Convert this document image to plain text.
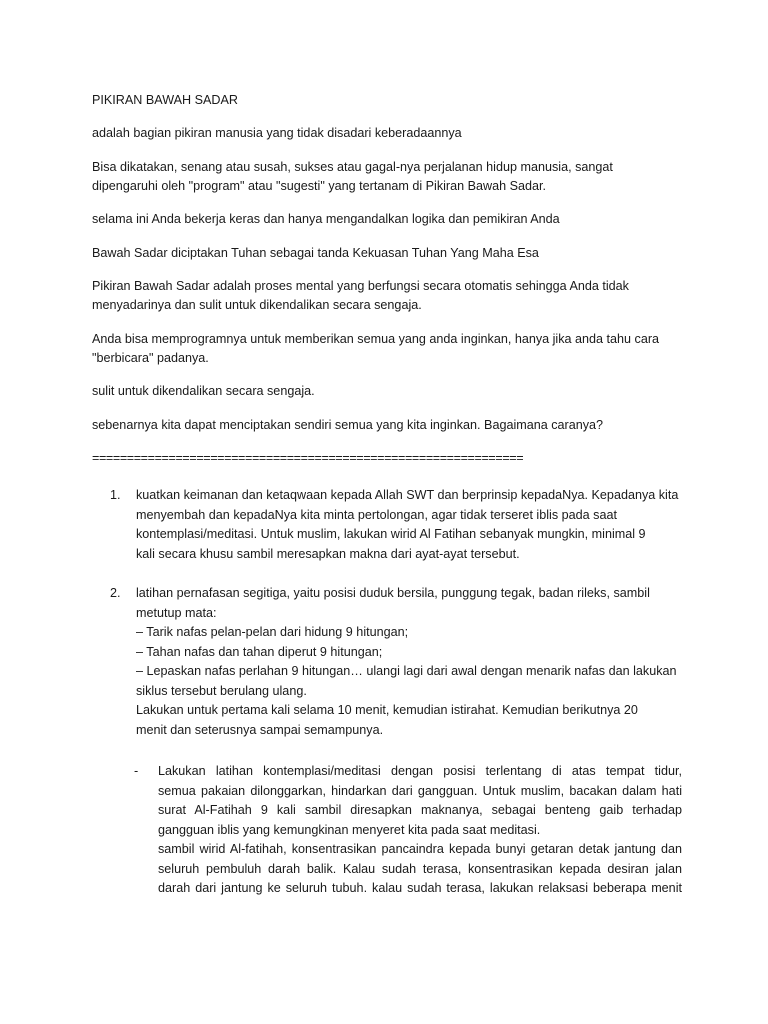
PIKIRAN BAWAH SADAR
adalah bagian pikiran manusia yang tidak disadari keberadaannya
Bisa dikatakan, senang atau susah, sukses atau gagal-nya perjalanan hidup manusia, sangat dipengaruhi oleh "program" atau "sugesti" yang tertanam di Pikiran Bawah Sadar.
selama ini Anda bekerja keras dan hanya mengandalkan logika dan pemikiran Anda
Bawah Sadar diciptakan Tuhan sebagai tanda Kekuasan Tuhan Yang Maha Esa
Pikiran Bawah Sadar adalah proses mental yang berfungsi secara otomatis sehingga Anda tidak menyadarinya dan sulit untuk dikendalikan secara sengaja.
Anda bisa memprogramnya untuk memberikan semua yang anda inginkan, hanya jika anda tahu cara "berbicara" padanya.
sulit untuk dikendalikan secara sengaja.
sebenarnya kita dapat menciptakan sendiri semua yang kita inginkan. Bagaimana caranya?
==============================================================
1. kuatkan keimanan dan ketaqwaan kepada Allah SWT dan berprinsip kepadaNya. Kepadanya kita
menyembah dan kepadaNya kita minta pertolongan, agar tidak terseret iblis pada saat
kontemplasi/meditasi. Untuk muslim, lakukan wirid Al Fatihan sebanyak mungkin, minimal 9
kali secara khusu sambil meresapkan makna dari ayat-ayat tersebut.
2. latihan pernafasan segitiga, yaitu posisi duduk bersila, punggung tegak, badan rileks, sambil
metutup mata:
– Tarik nafas pelan-pelan dari hidung 9 hitungan;
– Tahan nafas dan tahan diperut 9 hitungan;
– Lepaskan nafas perlahan 9 hitungan… ulangi lagi dari awal dengan menarik nafas dan lakukan
siklus tersebut berulang ulang.
Lakukan untuk pertama kali selama 10 menit, kemudian istirahat. Kemudian berikutnya 20
menit dan seterusnya sampai semampunya.
- Lakukan latihan kontemplasi/meditasi dengan posisi terlentang di atas tempat tidur,
semua pakaian dilonggarkan, hindarkan dari gangguan. Untuk muslim, bacakan dalam hati
surat Al-Fatihah 9 kali sambil diresapkan maknanya, sebagai benteng gaib terhadap
gangguan iblis yang kemungkinan menyeret kita pada saat meditasi.
sambil wirid Al-fatihah, konsentrasikan pancaindra kepada bunyi getaran detak jantung dan
seluruh pembuluh darah balik. Kalau sudah terasa, konsentrasikan kepada desiran jalan
darah dari jantung ke seluruh tubuh. kalau sudah terasa, lakukan relaksasi beberapa menit
